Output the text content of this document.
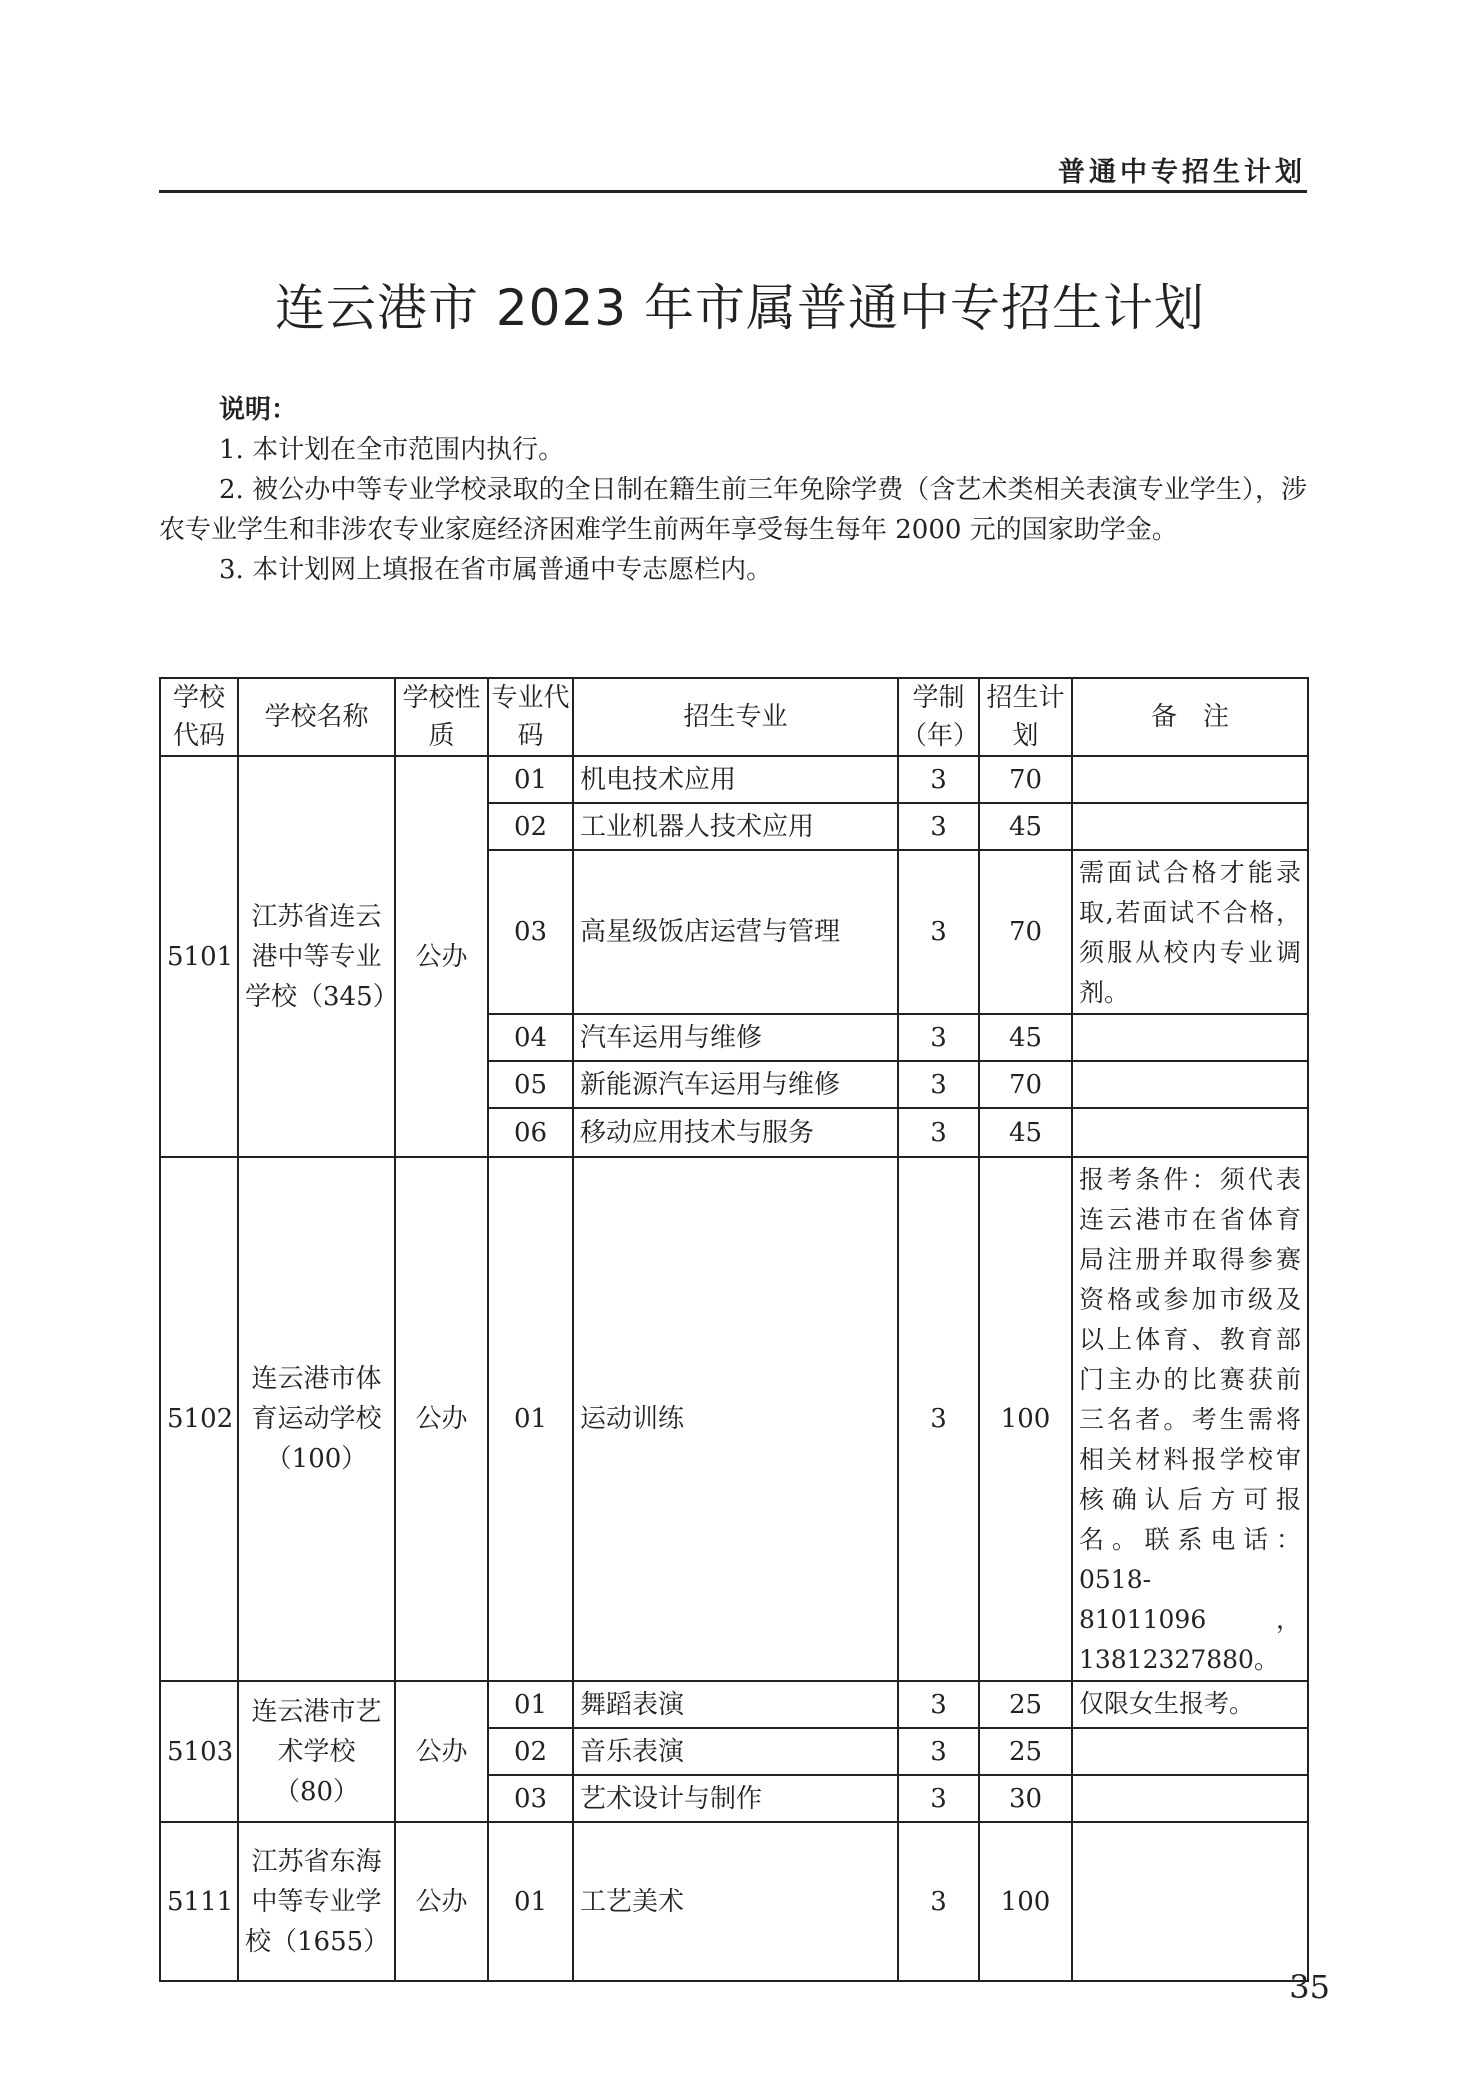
普通中专招生计划
连云港市 2023 年市属普通中专招生计划

说明：

1. 本计划在全市范围内执行。

2. 被公办中等专业学校录取的全日制在籍生前三年免除学费（含艺术类相关表演专业学生），涉农专业学生和非涉农专业家庭经济困难学生前两年享受每生每年 2000 元的国家助学金。

3. 本计划网上填报在省市属普通中专志愿栏内。

学校代码	学校名称	学校性质	专业代码	招生专业	学制（年）	招生计划	备　注
5101	江苏省连云港中等专业学校（345）	公办	01	机电技术应用	3	70	
			02	工业机器人技术应用	3	45	
			03	高星级饭店运营与管理	3	70	需面试合格才能录取,若面试不合格，须服从校内专业调剂。
			04	汽车运用与维修	3	45	
			05	新能源汽车运用与维修	3	70	
			06	移动应用技术与服务	3	45	
5102	连云港市体育运动学校（100）	公办	01	运动训练	3	100	报考条件：须代表连云港市在省体育局注册并取得参赛资格或参加市级及以上体育、教育部门主办的比赛获前三名者。考生需将相关材料报学校审核确认后方可报名。联系电话：0518-81011096，13812327880。
5103	连云港市艺术学校（80）	公办	01	舞蹈表演	3	25	仅限女生报考。
			02	音乐表演	3	25	
			03	艺术设计与制作	3	30	
5111	江苏省东海中等专业学校（1655）	公办	01	工艺美术	3	100	
35
